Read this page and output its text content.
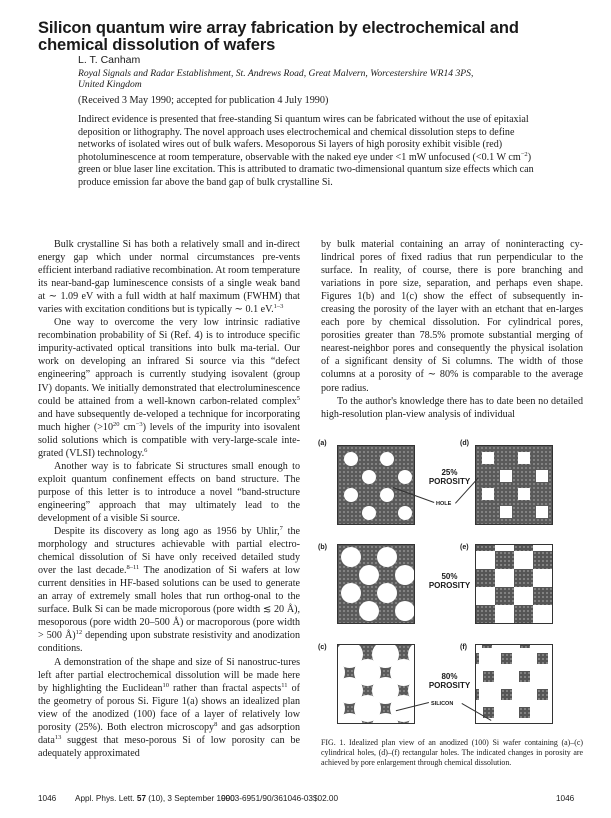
Silicon quantum wire array fabrication by electrochemical and chemical dissolution of wafers
L. T. Canham
Royal Signals and Radar Establishment, St. Andrews Road, Great Malvern, Worcestershire WR14 3PS,
United Kingdom
(Received 3 May 1990; accepted for publication 4 July 1990)
Indirect evidence is presented that free-standing Si quantum wires can be fabricated without the use of epitaxial deposition or lithography. The novel approach uses electrochemical and chemical dissolution steps to define networks of isolated wires out of bulk wafers. Mesoporous Si layers of high porosity exhibit visible (red) photoluminescence at room temperature, observable with the naked eye under <1 mW unfocused (<0.1 W $cm^{-2}$) green or blue laser line excitation. This is attributed to dramatic two-dimensional quantum size effects which can produce emission far above the band gap of bulk crystalline Si.

Bulk crystalline Si has both a relatively small and in-direct energy gap which under normal circumstances pre-vents efficient interband radiative recombination. At room temperature its near-band-gap luminescence consists of a single weak band at ∼ 1.09 eV with a full width at half maximum (FWHM) that varies with excitation conditions but is typically ∼ 0.1 eV.$^{1-3}$

One way to overcome the very low intrinsic radiative recombination probability of Si (Ref. 4) is to introduce specific impurity-activated optical transitions into bulk ma-terial. Our work on developing an infrared Si source via this “defect engineering” approach is currently studying isovalent (group IV) dopants. We initially demonstrated that electroluminescence could be attained from a well-known carbon-related complex$^5$ and have subsequently de-veloped a technique for incorporating much higher ($>10^{20}$ $cm^{-3}$) levels of the impurity into isovalent solid solutions which is compatible with very-large-scale inte-grated (VLSI) technology.$^6$

Another way is to fabricate Si structures small enough to exploit quantum confinement effects on band structure. The purpose of this letter is to introduce a novel “band-structure engineering” approach that may ultimately lead to the development of a visible Si source.

Despite its discovery as long ago as 1956 by Uhlir,$^7$ the morphology and structures achievable with partial electro-chemical dissolution of Si have only received detailed study over the last decade.$^{8-11}$ The anodization of Si wafers at low current densities in HF-based solutions can be used to generate an array of extremely small holes that run orthog-onal to the surface. Bulk Si can be made microporous (pore width ≲ 20 Å), mesoporous (pore width 20–500 Å) or macroporous (pore width > 500 Å)$^{12}$ depending upon substrate resistivity and anodization conditions.

A demonstration of the shape and size of Si nanostruc-tures left after partial electrochemical dissolution will be made here by highlighting the Euclidean$^{10}$ rather than fractal aspects$^{11}$ of the geometry of porous Si. Figure 1(a) shows an idealized plan view of the anodized (100) face of a layer of relatively low porosity (25%). Both electron microscopy$^8$ and gas adsorption data$^{13}$ suggest that meso-porous Si of low porosity can be adequately approximated

by bulk material containing an array of noninteracting cy-lindrical pores of fixed radius that run perpendicular to the surface. In reality, of course, there is pore branching and variations in pore size, separation, and perhaps even shape. Figures 1(b) and 1(c) show the effect of subsequently in-creasing the porosity of the layer with an etchant that en-larges each pore by chemical dissolution. For cylindrical pores, porosities greater than 78.5% promote substantial merging of nearest-neighbor pores and consequently the physical isolation of a significant density of Si columns. The width of those columns at a porosity of ∼ 80% is comparable to the average pore radius.

To the author's knowledge there has to date been no detailed high-resolution plan-view analysis of individual

(a)	(d)
25%
POROSITY
HOLE
(b)	(e)
50%
POROSITY
(c)	(f)
80%
POROSITY
SILICON
FIG. 1. Idealized plan view of an anodized (100) Si wafer containing (a)–(c) cylindrical holes, (d)–(f) rectangular holes. The indicated changes in porosity are achieved by pore enlargement through chemical dissolution.
1046 Appl. Phys. Lett. 57 (10), 3 September 1990
0003-6951/90/361046-03$02.00	1046
